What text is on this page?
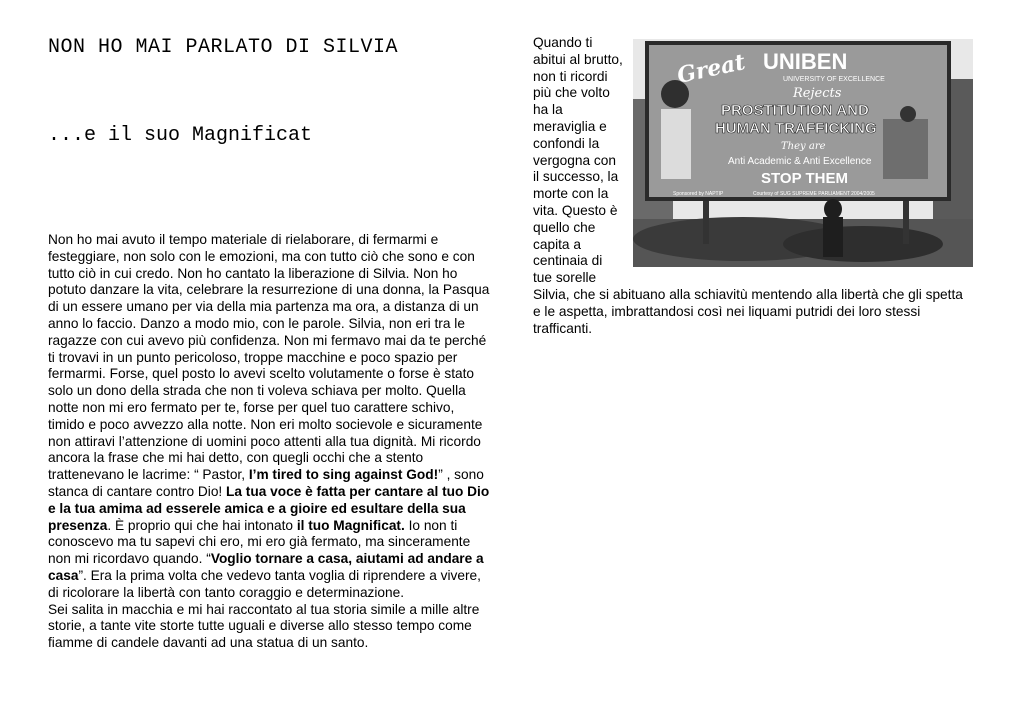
NON HO MAI PARLATO DI SILVIA
...e il suo Magnificat

Non ho mai avuto il tempo materiale di rielaborare, di fermarmi e festeggiare, non solo con le emozioni, ma con tutto ciò che sono e con tutto ciò in cui credo. Non ho cantato la liberazione di Silvia. Non ho potuto danzare la vita, celebrare la resurrezione di una donna, la Pasqua di un essere umano per via della mia partenza ma ora, a distanza di un anno lo faccio. Danzo a modo mio, con le parole. Silvia, non eri tra le ragazze con cui avevo più confidenza. Non mi fermavo mai da te perché ti trovavi in un punto pericoloso, troppe macchine e poco spazio per fermarmi. Forse, quel posto lo avevi scelto volutamente o forse è stato solo un dono della strada che non ti voleva schiava per molto. Quella notte non mi ero fermato per te, forse per quel tuo carattere schivo, timido e poco avvezzo alla notte. Non eri molto socievole e sicuramente non attiravi l’attenzione di uomini poco attenti alla tua dignità. Mi ricordo ancora la frase che mi hai detto, con quegli occhi che a stento trattenevano le lacrime: “ Pastor, I’m tired to sing against God!” , sono stanca di cantare contro Dio! La tua voce è fatta per cantare al tuo Dio e la tua amima ad esserele amica e a gioire ed esultare della sua presenza. È proprio qui che hai intonato il tuo Magnificat. Io non ti conoscevo ma tu sapevi chi ero, mi ero già fermato, ma sinceramente non mi ricordavo quando. “Voglio tornare a casa, aiutami ad andare a casa”. Era la prima volta che vedevo tanta voglia di riprendere a vivere, di ricolorare la libertà con tanto coraggio e determinazione.

Sei salita in macchia e mi hai raccontato al tua storia simile a mille altre storie, a tante vite storte tutte uguali e diverse allo stesso tempo come fiamme di candele davanti ad una statua di un santo.

Great UNIBEN
UNIVERSITY OF EXCELLENCE
Rejects
PROSTITUTION AND
HUMAN TRAFFICKING
They are
Anti Academic & Anti Excellence
STOP THEM
Sponsored by NAPTIP	Courtesy of SUG SUPREME PARLIAMENT 2004/2005

Quando ti abitui al brutto, non ti ricordi più che volto ha la meraviglia e confondi la vergogna con il successo, la morte con la vita. Questo è quello che capita a centinaia di tue sorelle Silvia, che si abituano alla schiavitù mentendo alla libertà che gli spetta e le aspetta, imbrattandosi così nei liquami putridi dei loro stessi trafficanti.
